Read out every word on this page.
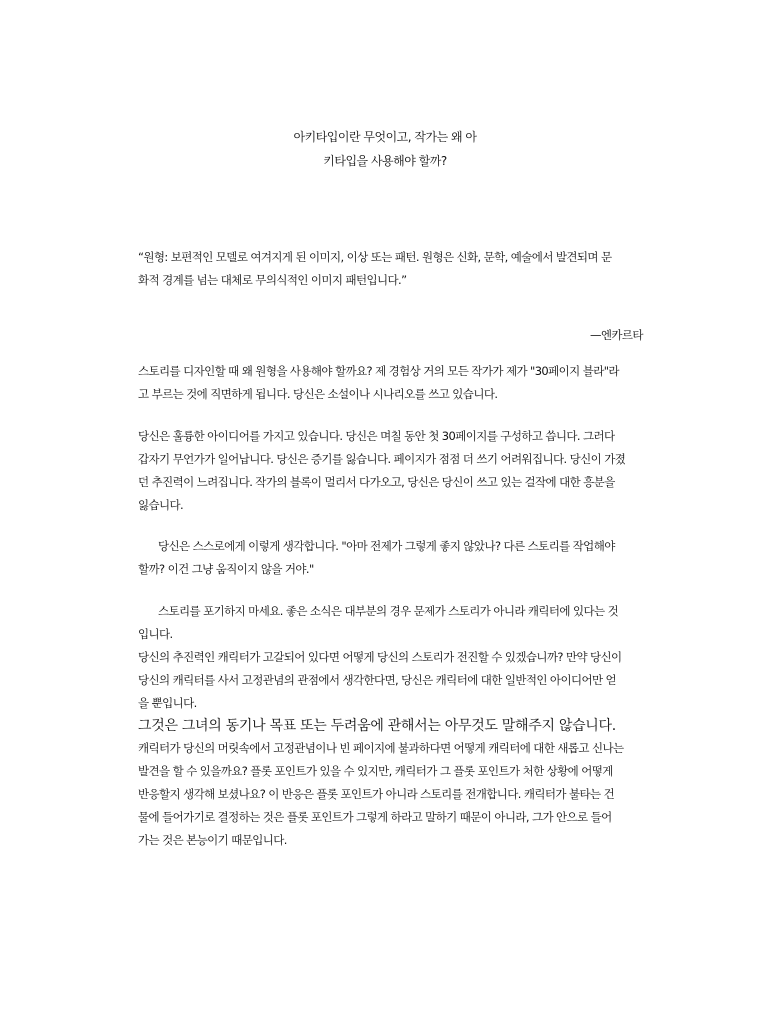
아키타입이란 무엇이고, 작가는 왜 아
키타입을 사용해야 할까?
“원형: 보편적인 모델로 여겨지게 된 이미지, 이상 또는 패턴. 원형은 신화, 문학, 예술에서 발견되며 문
화적 경계를 넘는 대체로 무의식적인 이미지 패턴입니다.”
—엔카르타
스토리를 디자인할 때 왜 원형을 사용해야 할까요? 제 경험상 거의 모든 작가가 제가 "30페이지 블라"라
고 부르는 것에 직면하게 됩니다. 당신은 소설이나 시나리오를 쓰고 있습니다.
당신은 훌륭한 아이디어를 가지고 있습니다. 당신은 며칠 동안 첫 30페이지를 구성하고 씁니다. 그러다
갑자기 무언가가 일어납니다. 당신은 증기를 잃습니다. 페이지가 점점 더 쓰기 어려워집니다. 당신이 가졌
던 추진력이 느려집니다. 작가의 블록이 멀리서 다가오고, 당신은 당신이 쓰고 있는 걸작에 대한 흥분을
잃습니다.
당신은 스스로에게 이렇게 생각합니다. "아마 전제가 그렇게 좋지 않았나? 다른 스토리를 작업해야
할까? 이건 그냥 움직이지 않을 거야."
스토리를 포기하지 마세요. 좋은 소식은 대부분의 경우 문제가 스토리가 아니라 캐릭터에 있다는 것
입니다.
당신의 추진력인 캐릭터가 고갈되어 있다면 어떻게 당신의 스토리가 전진할 수 있겠습니까? 만약 당신이
당신의 캐릭터를 사서 고정관념의 관점에서 생각한다면, 당신은 캐릭터에 대한 일반적인 아이디어만 얻
을 뿐입니다.
그것은 그녀의 동기나 목표 또는 두려움에 관해서는 아무것도 말해주지 않습니다.
캐릭터가 당신의 머릿속에서 고정관념이나 빈 페이지에 불과하다면 어떻게 캐릭터에 대한 새롭고 신나는
발견을 할 수 있을까요? 플롯 포인트가 있을 수 있지만, 캐릭터가 그 플롯 포인트가 처한 상황에 어떻게
반응할지 생각해 보셨나요? 이 반응은 플롯 포인트가 아니라 스토리를 전개합니다. 캐릭터가 불타는 건
물에 들어가기로 결정하는 것은 플롯 포인트가 그렇게 하라고 말하기 때문이 아니라, 그가 안으로 들어
가는 것은 본능이기 때문입니다.
